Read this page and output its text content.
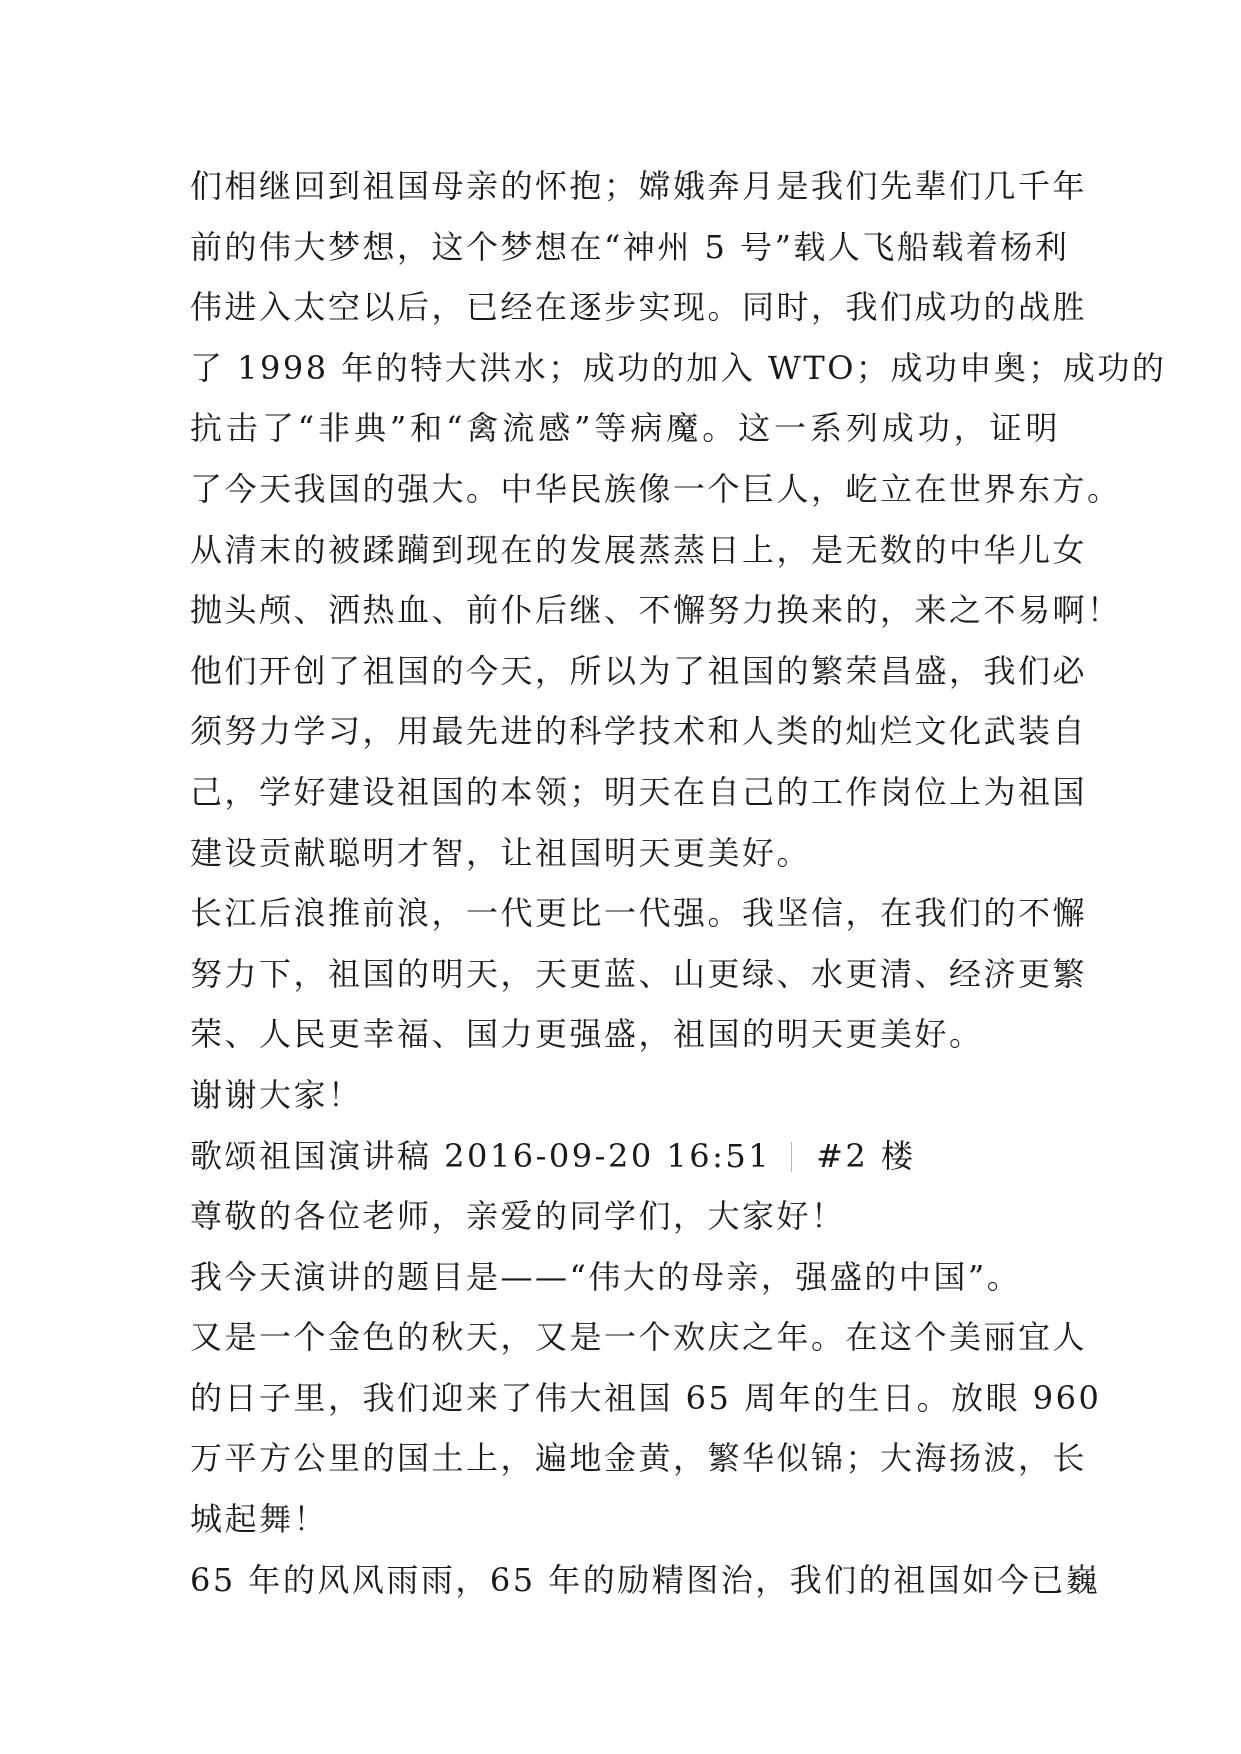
们相继回到祖国母亲的怀抱；嫦娥奔月是我们先辈们几千年
前的伟大梦想，这个梦想在“神州 5 号”载人飞船载着杨利
伟进入太空以后，已经在逐步实现。同时，我们成功的战胜
了 1998 年的特大洪水；成功的加入 WTO；成功申奥；成功的
抗击了“非典”和“禽流感”等病魔。这一系列成功，证明
了今天我国的强大。中华民族像一个巨人，屹立在世界东方。
从清末的被蹂躏到现在的发展蒸蒸日上，是无数的中华儿女
抛头颅、洒热血、前仆后继、不懈努力换来的，来之不易啊！
他们开创了祖国的今天，所以为了祖国的繁荣昌盛，我们必
须努力学习，用最先进的科学技术和人类的灿烂文化武装自
己，学好建设祖国的本领；明天在自己的工作岗位上为祖国
建设贡献聪明才智，让祖国明天更美好。
长江后浪推前浪，一代更比一代强。我坚信，在我们的不懈
努力下，祖国的明天，天更蓝、山更绿、水更清、经济更繁
荣、人民更幸福、国力更强盛，祖国的明天更美好。
谢谢大家！
歌颂祖国演讲稿 2016-09-20 16:51 #2 楼
尊敬的各位老师，亲爱的同学们，大家好！
我今天演讲的题目是——“伟大的母亲，强盛的中国”。
又是一个金色的秋天，又是一个欢庆之年。在这个美丽宜人
的日子里，我们迎来了伟大祖国 65 周年的生日。放眼 960
万平方公里的国土上，遍地金黄，繁华似锦；大海扬波，长
城起舞！
65 年的风风雨雨，65 年的励精图治，我们的祖国如今已巍
